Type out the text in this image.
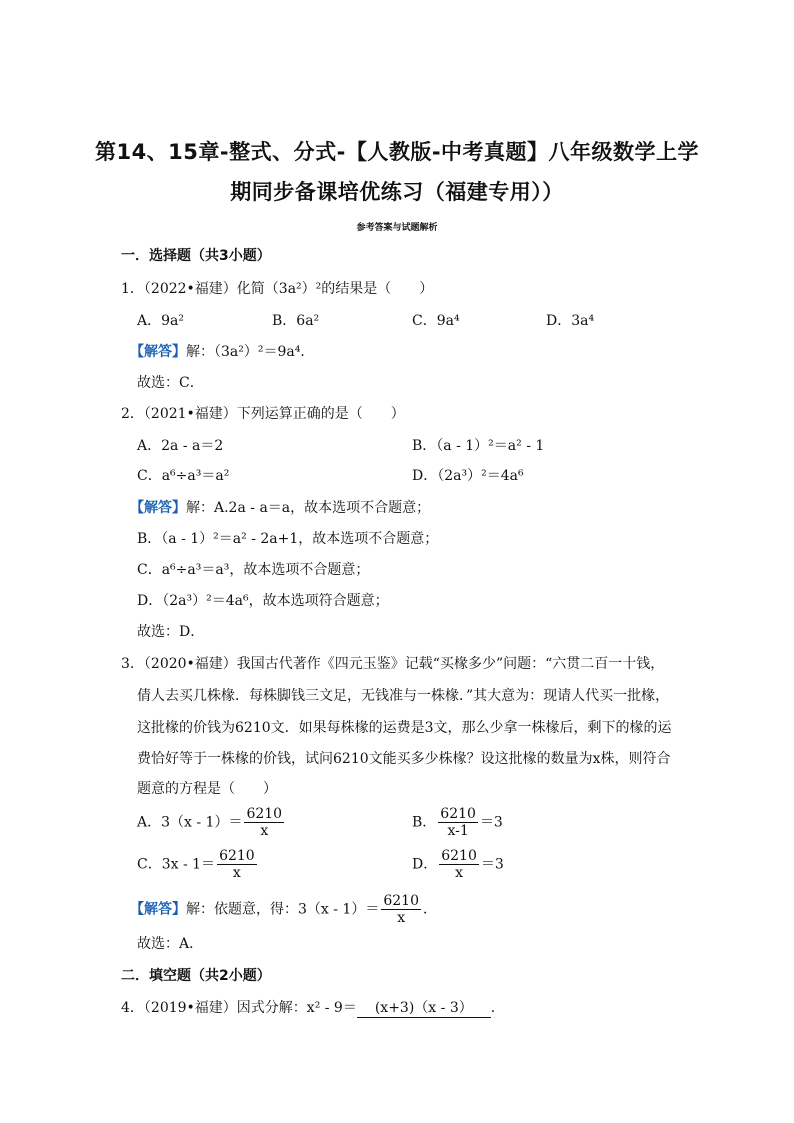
第14、15章-整式、分式-【人教版-中考真题】八年级数学上学
期同步备课培优练习（福建专用））
参考答案与试题解析
一．选择题（共3小题）
1．（2022•福建）化简（3a²）²的结果是（　　）
A．9a²	B．6a²	C．9a⁴	D．3a⁴
【解答】解：（3a²）²＝9a⁴．
故选：C．
2．（2021•福建）下列运算正确的是（　　）
A．2a - a＝2	B．（a - 1）²＝a² - 1
C．a⁶÷a³＝a²	D．（2a³）²＝4a⁶
【解答】解：A.2a - a＝a，故本选项不合题意；
B．（a - 1）²＝a² - 2a+1，故本选项不合题意；
C．a⁶÷a³＝a³，故本选项不合题意；
D．（2a³）²＝4a⁶，故本选项符合题意；
故选：D．
3．（2020•福建）我国古代著作《四元玉鉴》记载“买椽多少”问题：“六贯二百一十钱，
倩人去买几株椽．每株脚钱三文足，无钱准与一株椽．”其大意为：现请人代买一批椽，
这批椽的价钱为6210文．如果每株椽的运费是3文，那么少拿一株椽后，剩下的椽的运
费恰好等于一株椽的价钱，试问6210文能买多少株椽？设这批椽的数量为x株，则符合
题意的方程是（　　）
A．$3(x - 1)= \frac{6210}{x}$	B． $\frac{6210}{x-1} =3$
C．$3x - 1= \frac{6210}{x}$	D． $\frac{6210}{x} =3$
【解答】解：依题意，得：$3(x - 1)= \frac{6210}{x}$ ．
故选：A．
二．填空题（共2小题）
4．（2019•福建）因式分解：x² - 9＝ (x+3)（x - 3） ．
